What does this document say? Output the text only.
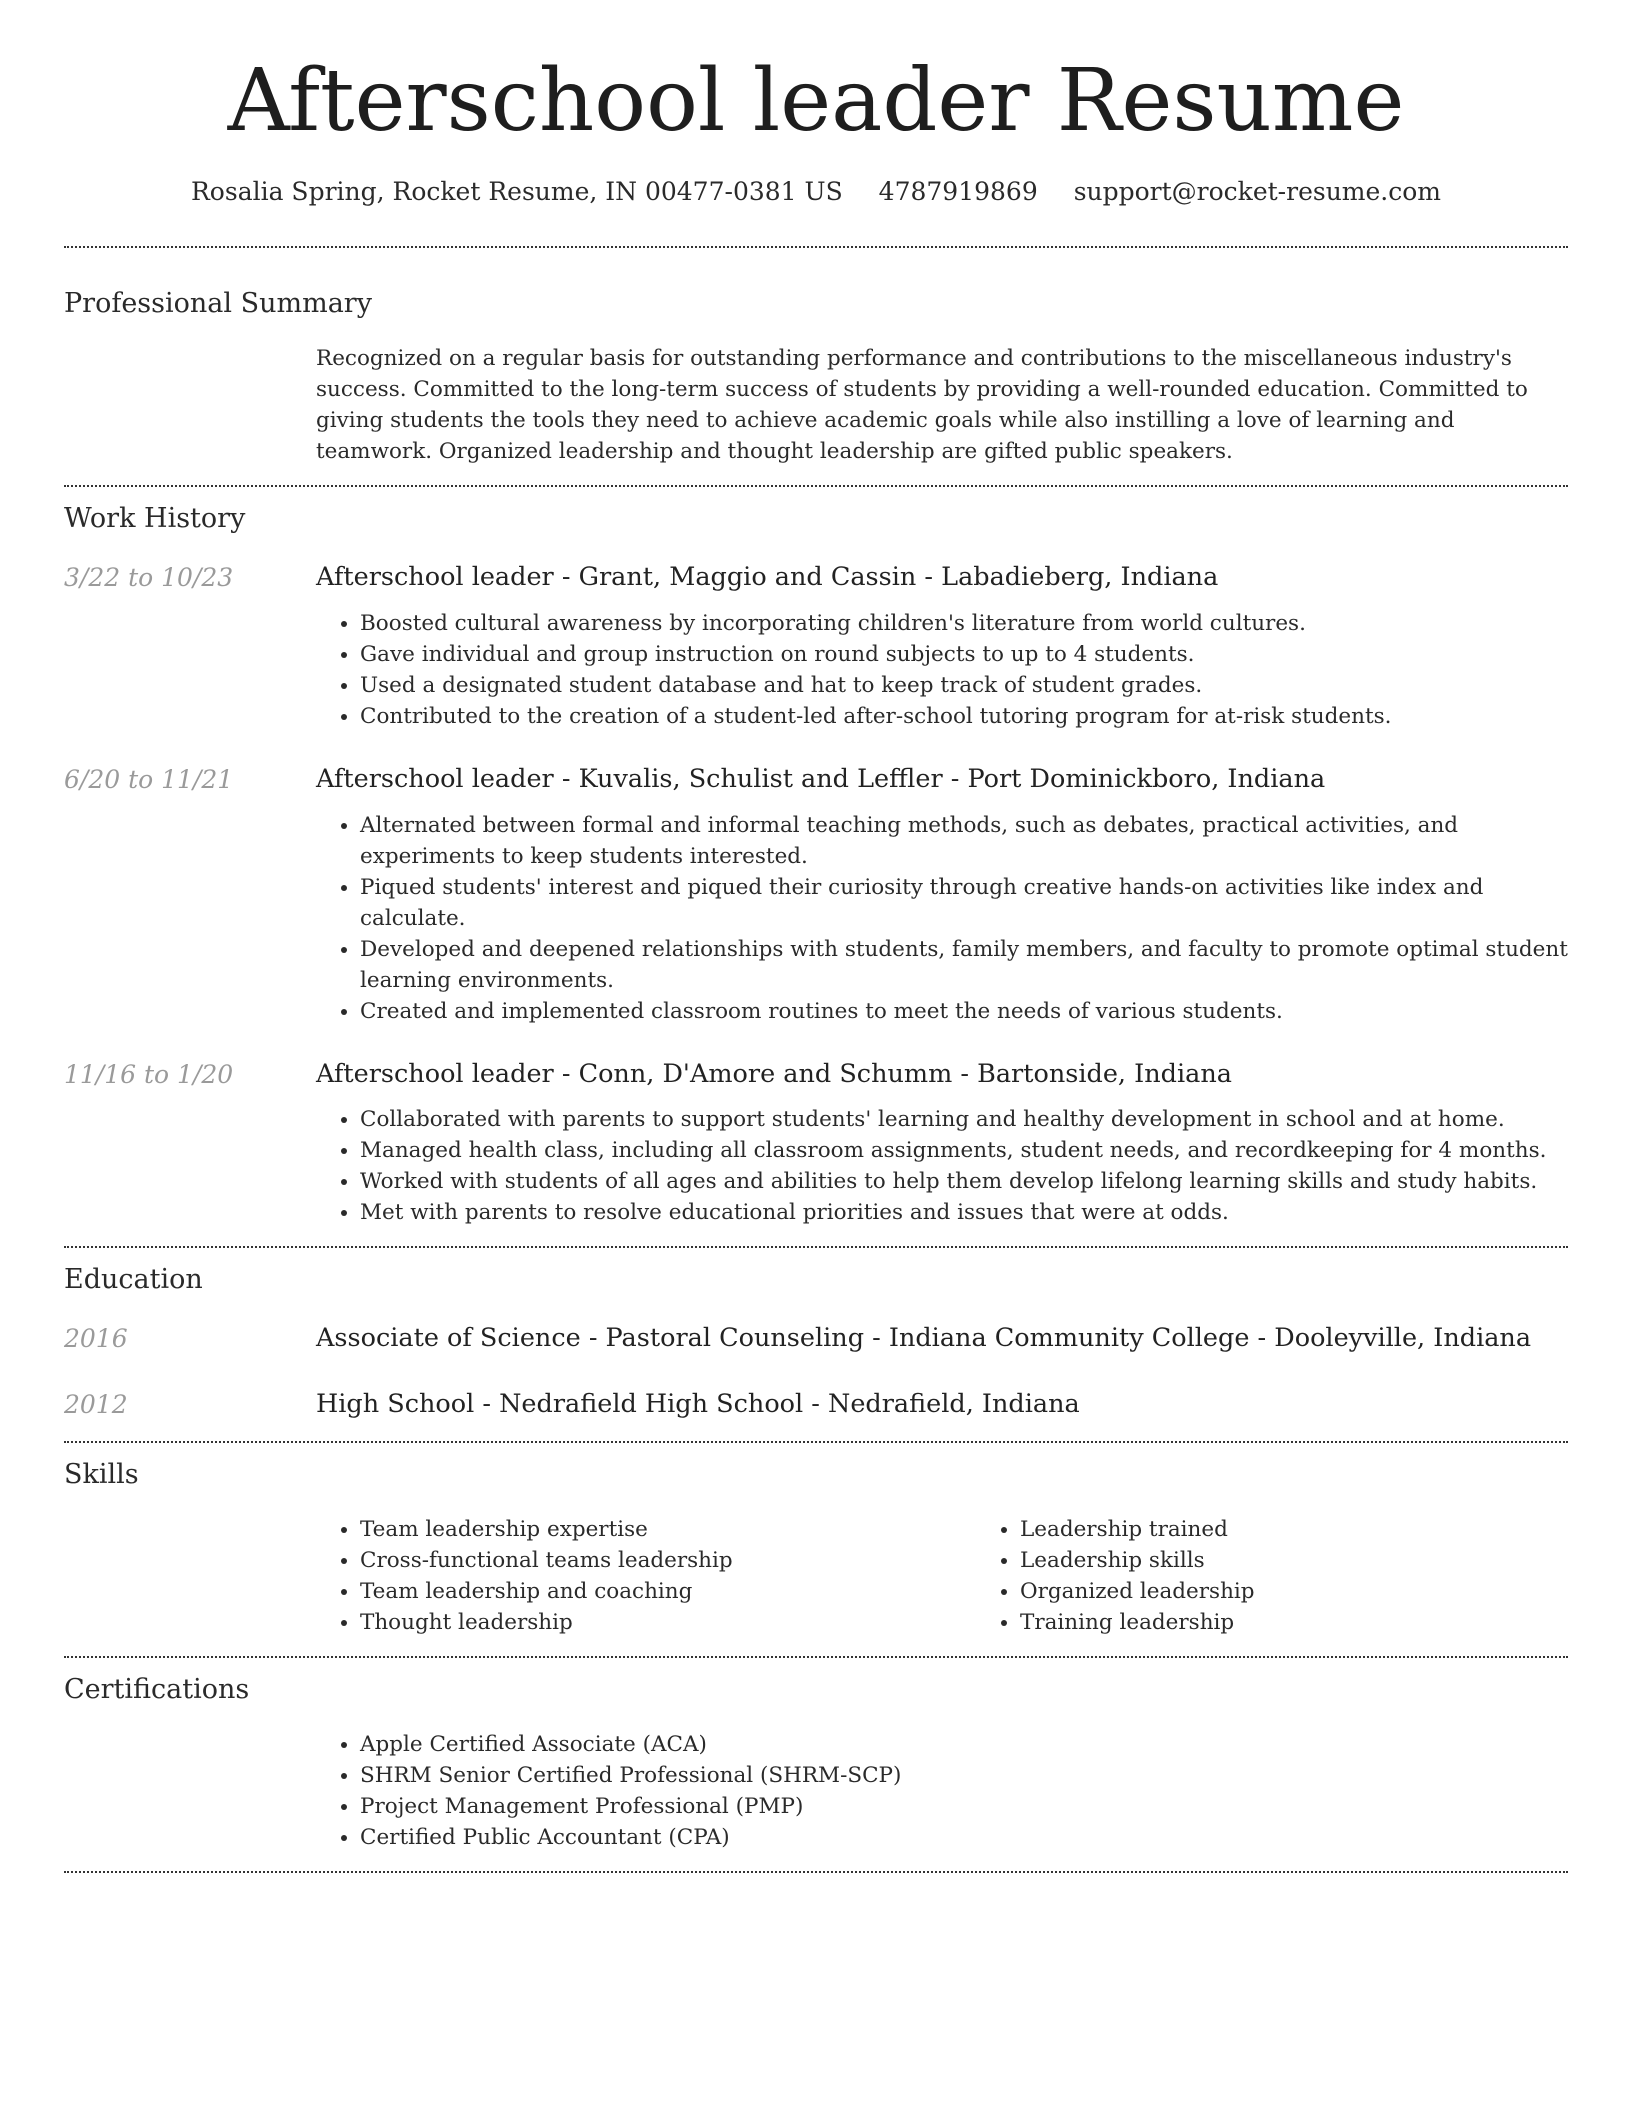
Afterschool leader Resume
Rosalia Spring, Rocket Resume, IN 00477-0381 US 4787919869 support@rocket-resume.com
Professional Summary

Recognized on a regular basis for outstanding performance and contributions to the miscellaneous industry's success. Committed to the long-term success of students by providing a well-rounded education. Committed to giving students the tools they need to achieve academic goals while also instilling a love of learning and teamwork. Organized leadership and thought leadership are gifted public speakers.

Work History
3/22 to 10/23	Afterschool leader - Grant, Maggio and Cassin - Labadieberg, Indiana
• Boosted cultural awareness by incorporating children's literature from world cultures.
• Gave individual and group instruction on round subjects to up to 4 students.
• Used a designated student database and hat to keep track of student grades.
• Contributed to the creation of a student-led after-school tutoring program for at-risk students.
6/20 to 11/21	Afterschool leader - Kuvalis, Schulist and Leffler - Port Dominickboro, Indiana
• Alternated between formal and informal teaching methods, such as debates, practical activities, and experiments to keep students interested.
• Piqued students' interest and piqued their curiosity through creative hands-on activities like index and calculate.
• Developed and deepened relationships with students, family members, and faculty to promote optimal student learning environments.
• Created and implemented classroom routines to meet the needs of various students.
11/16 to 1/20	Afterschool leader - Conn, D'Amore and Schumm - Bartonside, Indiana
• Collaborated with parents to support students' learning and healthy development in school and at home.
• Managed health class, including all classroom assignments, student needs, and recordkeeping for 4 months.
• Worked with students of all ages and abilities to help them develop lifelong learning skills and study habits.
• Met with parents to resolve educational priorities and issues that were at odds.
Education
2016	Associate of Science - Pastoral Counseling - Indiana Community College - Dooleyville, Indiana
2012	High School - Nedrafield High School - Nedrafield, Indiana
Skills
• Team leadership expertise
• Cross-functional teams leadership
• Team leadership and coaching
• Thought leadership
• Leadership trained
• Leadership skills
• Organized leadership
• Training leadership
Certifications
• Apple Certified Associate (ACA)
• SHRM Senior Certified Professional (SHRM-SCP)
• Project Management Professional (PMP)
• Certified Public Accountant (CPA)
